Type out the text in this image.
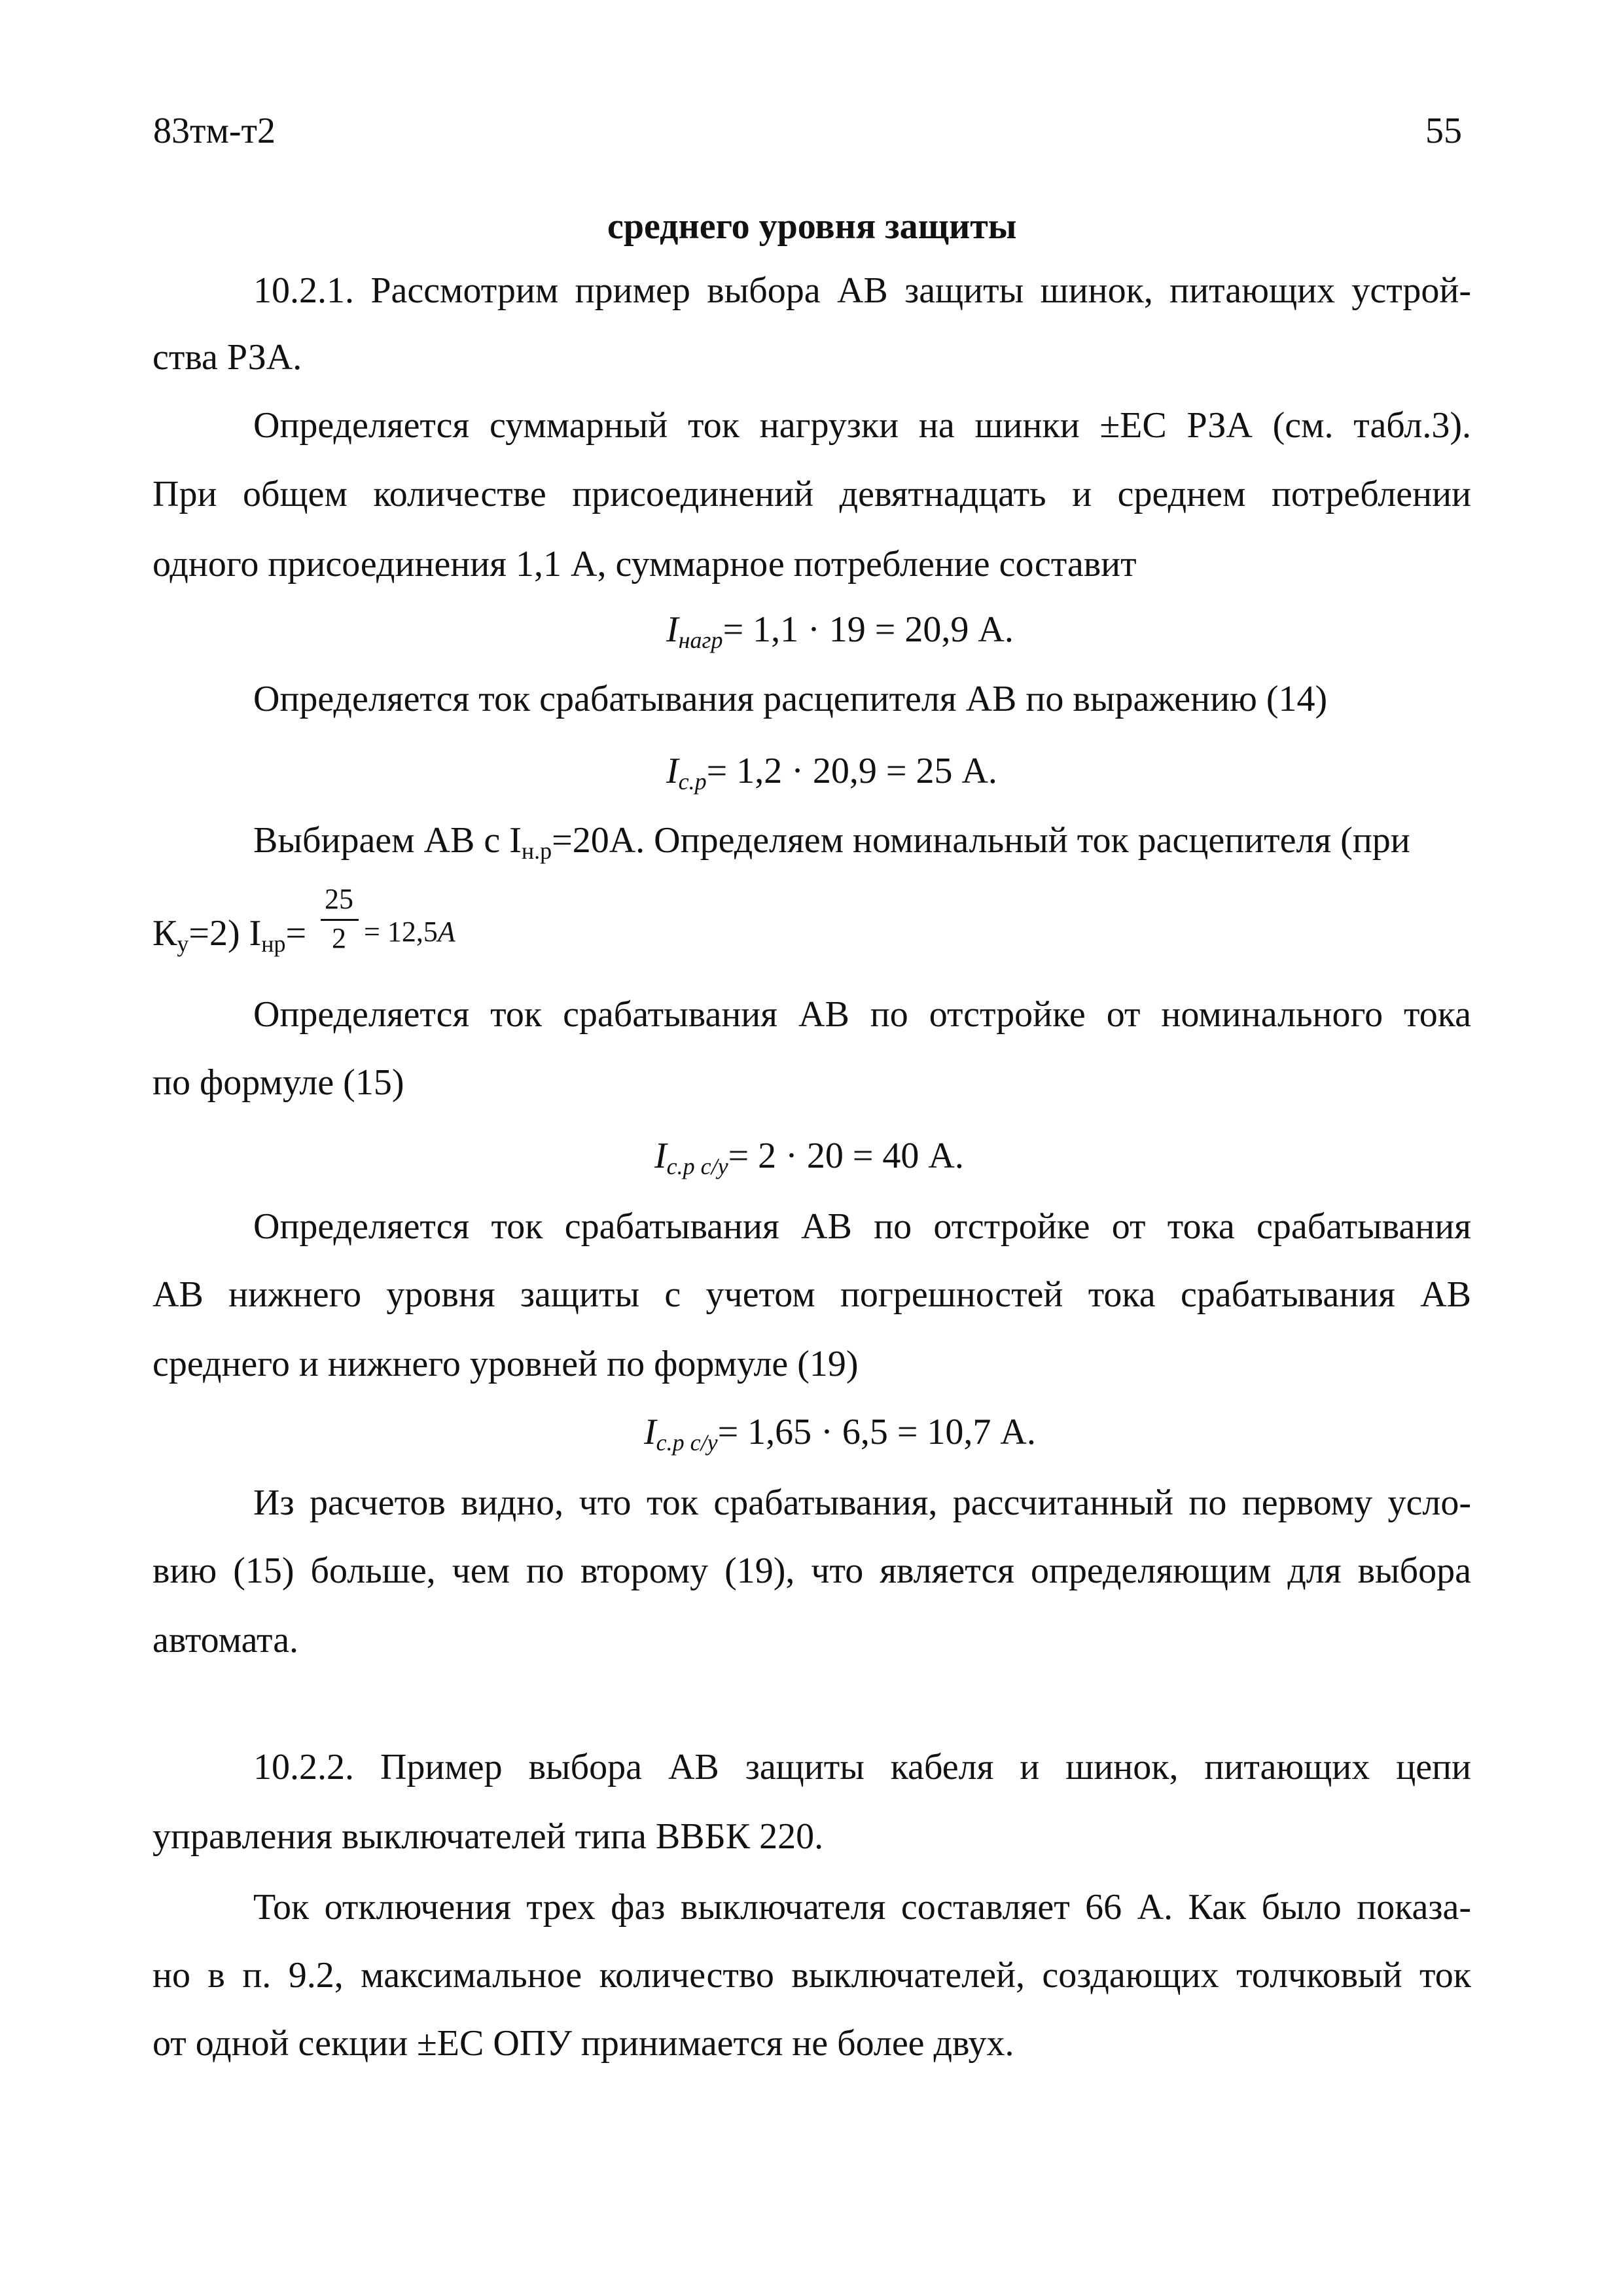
83тм-т2	55
среднего уровня защиты
10.2.1. Рассмотрим пример выбора АВ защиты шинок, питающих устрой-
ства РЗА.
Определяется суммарный ток нагрузки на шинки ±ЕС РЗА (см. табл.3).
При общем количестве присоединений девятнадцать и среднем потреблении
одного присоединения 1,1 А, суммарное потребление составит
$I_{нагр}= 1,1 \cdot 19 = 20,9$ А.
Определяется ток срабатывания расцепителя АВ по выражению (14)
$I_{с.р}= 1,2 \cdot 20,9 = 25$ А.
Выбираем АВ с $I_{н.р}=20А$. Определяем номинальный ток расцепителя (при
$К_у=2$) $I_{нр}=$
25
2 = 12,5А
Определяется ток срабатывания АВ по отстройке от номинального тока
по формуле (15)
$I_{с.р с/у}= 2 \cdot 20 = 40$ А.
Определяется ток срабатывания АВ по отстройке от тока срабатывания
АВ нижнего уровня защиты с учетом погрешностей тока срабатывания АВ
среднего и нижнего уровней по формуле (19)
$I_{с.р с/у}= 1,65 \cdot 6,5 = 10,7$ А.
Из расчетов видно, что ток срабатывания, рассчитанный по первому усло-
вию (15) больше, чем по второму (19), что является определяющим для выбора
автомата.
10.2.2. Пример выбора АВ защиты кабеля и шинок, питающих цепи
управления выключателей типа ВВБК 220.
Ток отключения трех фаз выключателя составляет 66 А. Как было показа-
но в п. 9.2, максимальное количество выключателей, создающих толчковый ток
от одной секции ±ЕС ОПУ принимается не более двух.
